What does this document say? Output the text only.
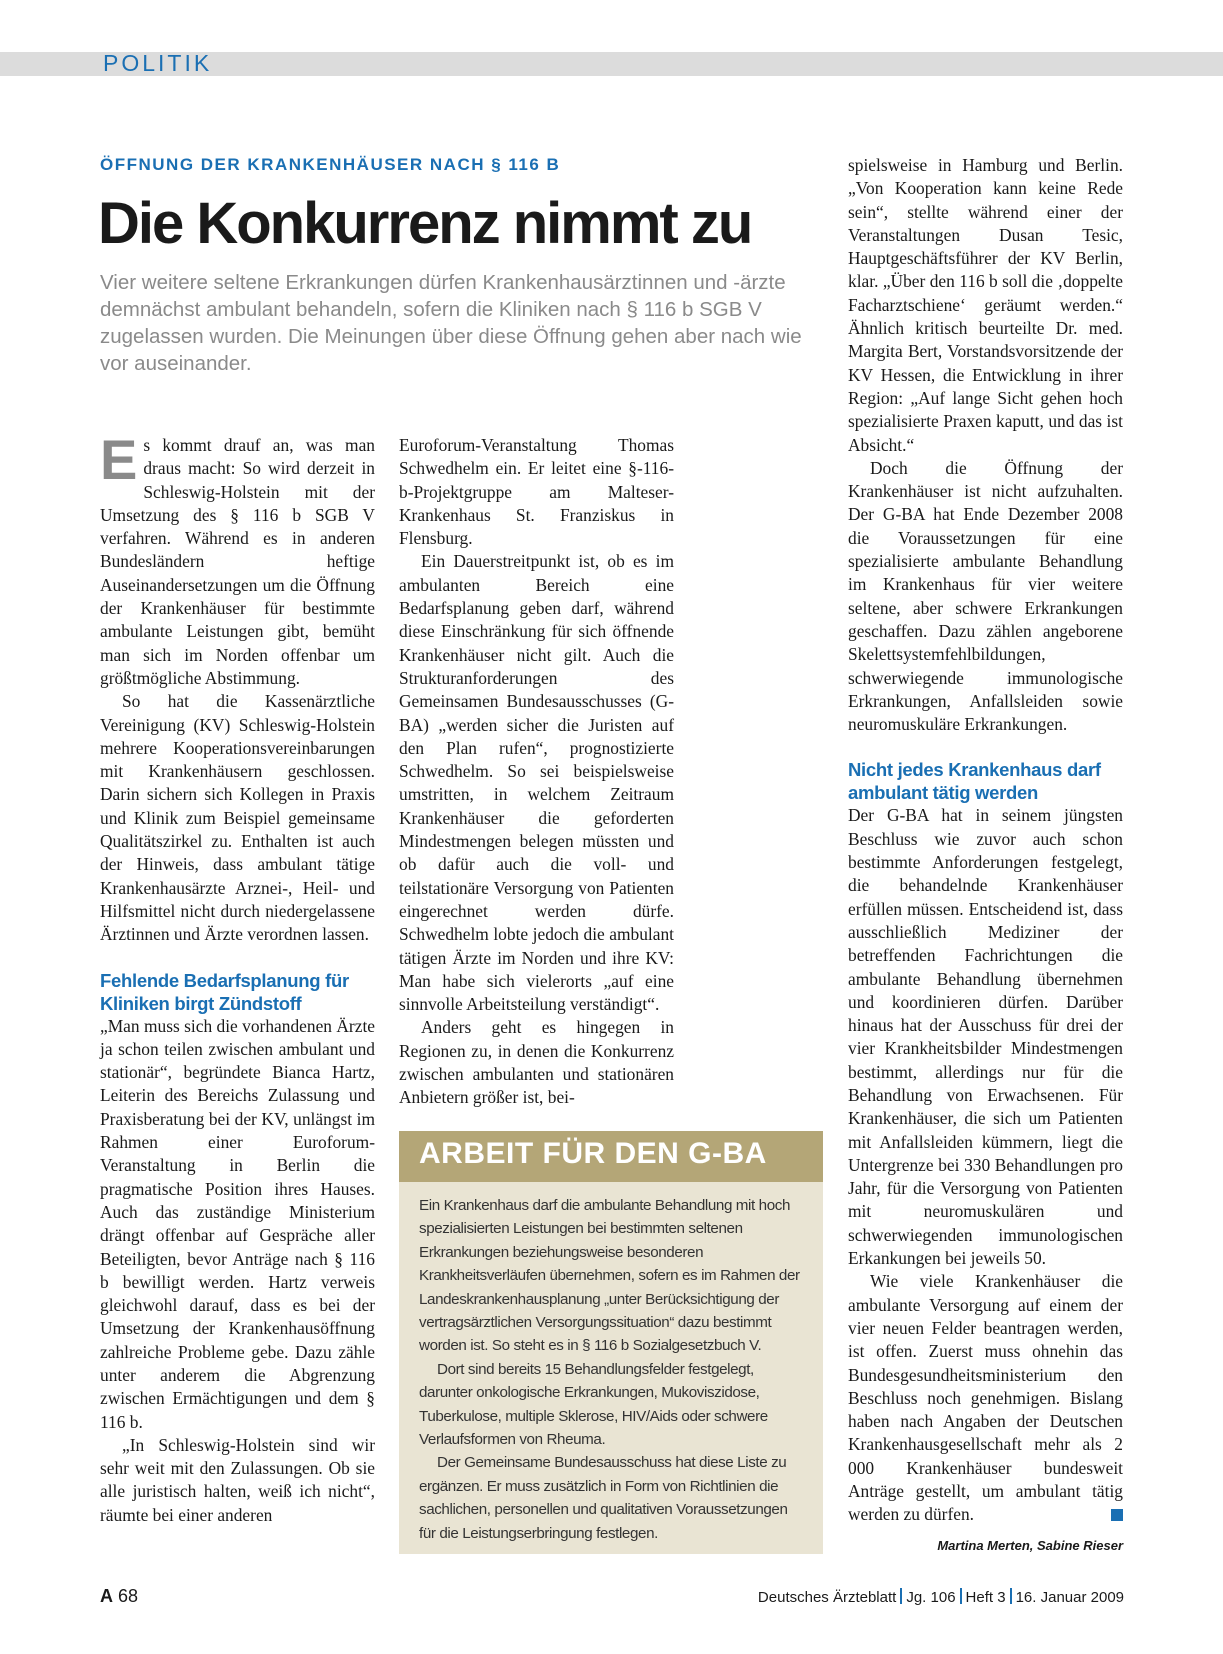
POLITIK
ÖFFNUNG DER KRANKENHÄUSER NACH § 116 B
Die Konkurrenz nimmt zu
Vier weitere seltene Erkrankungen dürfen Krankenhausärztinnen und -ärzte demnächst ambulant behandeln, sofern die Kliniken nach § 116 b SGB V zugelassen wurden. Die Meinungen über diese Öffnung gehen aber nach wie vor auseinander.

Es kommt drauf an, was man draus macht: So wird derzeit in Schleswig-Holstein mit der Umsetzung des § 116 b SGB V verfahren. Während es in anderen Bundesländern heftige Auseinandersetzungen um die Öffnung der Krankenhäuser für bestimmte ambulante Leistungen gibt, bemüht man sich im Norden offenbar um größtmögliche Abstimmung.

So hat die Kassenärztliche Vereinigung (KV) Schleswig-Holstein mehrere Kooperationsvereinbarungen mit Krankenhäusern geschlossen. Darin sichern sich Kollegen in Praxis und Klinik zum Beispiel gemeinsame Qualitätszirkel zu. Enthalten ist auch der Hinweis, dass ambulant tätige Krankenhausärzte Arznei-, Heil- und Hilfsmittel nicht durch niedergelassene Ärztinnen und Ärzte verordnen lassen.

Fehlende Bedarfsplanung für Kliniken birgt Zündstoff

„Man muss sich die vorhandenen Ärzte ja schon teilen zwischen ambulant und stationär“, begründete Bianca Hartz, Leiterin des Bereichs Zulassung und Praxisberatung bei der KV, unlängst im Rahmen einer Euroforum-Veranstaltung in Berlin die pragmatische Position ihres Hauses. Auch das zuständige Ministerium drängt offenbar auf Gespräche aller Beteiligten, bevor Anträge nach § 116 b bewilligt werden. Hartz verweis gleichwohl darauf, dass es bei der Umsetzung der Krankenhausöffnung zahlreiche Probleme gebe. Dazu zähle unter anderem die Abgrenzung zwischen Ermächtigungen und dem § 116 b.

„In Schleswig-Holstein sind wir sehr weit mit den Zulassungen. Ob sie alle juristisch halten, weiß ich nicht“, räumte bei einer anderen

Euroforum-Veranstaltung Thomas Schwedhelm ein. Er leitet eine §-116-b-Projektgruppe am Malteser-Krankenhaus St. Franziskus in Flensburg.

Ein Dauerstreitpunkt ist, ob es im ambulanten Bereich eine Bedarfsplanung geben darf, während diese Einschränkung für sich öffnende Krankenhäuser nicht gilt. Auch die Strukturanforderungen des Gemeinsamen Bundesausschusses (G-BA) „werden sicher die Juristen auf den Plan rufen“, prognostizierte Schwedhelm. So sei beispielsweise umstritten, in welchem Zeitraum Krankenhäuser die geforderten Mindestmengen belegen müssten und ob dafür auch die voll- und teilstationäre Versorgung von Patienten eingerechnet werden dürfe. Schwedhelm lobte jedoch die ambulant tätigen Ärzte im Norden und ihre KV: Man habe sich vielerorts „auf eine sinnvolle Arbeitsteilung verständigt“.

Anders geht es hingegen in Regionen zu, in denen die Konkurrenz zwischen ambulanten und stationären Anbietern größer ist, bei-

ARBEIT FÜR DEN G-BA

Ein Krankenhaus darf die ambulante Behandlung mit hoch spezialisierten Leistungen bei bestimmten seltenen Erkrankungen beziehungsweise besonderen Krankheitsverläufen übernehmen, sofern es im Rahmen der Landeskrankenhausplanung „unter Berücksichtigung der vertragsärztlichen Versorgungssituation“ dazu bestimmt worden ist. So steht es in § 116 b Sozialgesetzbuch V.

Dort sind bereits 15 Behandlungsfelder festgelegt, darunter onkologische Erkrankungen, Mukoviszidose, Tuberkulose, multiple Sklerose, HIV/Aids oder schwere Verlaufsformen von Rheuma.

Der Gemeinsame Bundesausschuss hat diese Liste zu ergänzen. Er muss zusätzlich in Form von Richtlinien die sachlichen, personellen und qualitativen Voraussetzungen für die Leistungserbringung festlegen.

spielsweise in Hamburg und Berlin. „Von Kooperation kann keine Rede sein“, stellte während einer der Veranstaltungen Dusan Tesic, Hauptgeschäftsführer der KV Berlin, klar. „Über den 116 b soll die ‚doppelte Facharztschiene‘ geräumt werden.“ Ähnlich kritisch beurteilte Dr. med. Margita Bert, Vorstandsvorsitzende der KV Hessen, die Entwicklung in ihrer Region: „Auf lange Sicht gehen hoch spezialisierte Praxen kaputt, und das ist Absicht.“

Doch die Öffnung der Krankenhäuser ist nicht aufzuhalten. Der G-BA hat Ende Dezember 2008 die Voraussetzungen für eine spezialisierte ambulante Behandlung im Krankenhaus für vier weitere seltene, aber schwere Erkrankungen geschaffen. Dazu zählen angeborene Skelettsystemfehlbildungen, schwerwiegende immunologische Erkrankungen, Anfallsleiden sowie neuromuskuläre Erkrankungen.

Nicht jedes Krankenhaus darf ambulant tätig werden

Der G-BA hat in seinem jüngsten Beschluss wie zuvor auch schon bestimmte Anforderungen festgelegt, die behandelnde Krankenhäuser erfüllen müssen. Entscheidend ist, dass ausschließlich Mediziner der betreffenden Fachrichtungen die ambulante Behandlung übernehmen und koordinieren dürfen. Darüber hinaus hat der Ausschuss für drei der vier Krankheitsbilder Mindestmengen bestimmt, allerdings nur für die Behandlung von Erwachsenen. Für Krankenhäuser, die sich um Patienten mit Anfallsleiden kümmern, liegt die Untergrenze bei 330 Behandlungen pro Jahr, für die Versorgung von Patienten mit neuromuskulären und schwerwiegenden immunologischen Erkankungen bei jeweils 50.

Wie viele Krankenhäuser die ambulante Versorgung auf einem der vier neuen Felder beantragen werden, ist offen. Zuerst muss ohnehin das Bundesgesundheitsministerium den Beschluss noch genehmigen. Bislang haben nach Angaben der Deutschen Krankenhausgesellschaft mehr als 2 000 Krankenhäuser bundesweit Anträge gestellt, um ambulant tätig werden zu dürfen.

Martina Merten, Sabine Rieser
A 68	Deutsches Ärzteblatt Jg. 106 Heft 3 16. Januar 2009
